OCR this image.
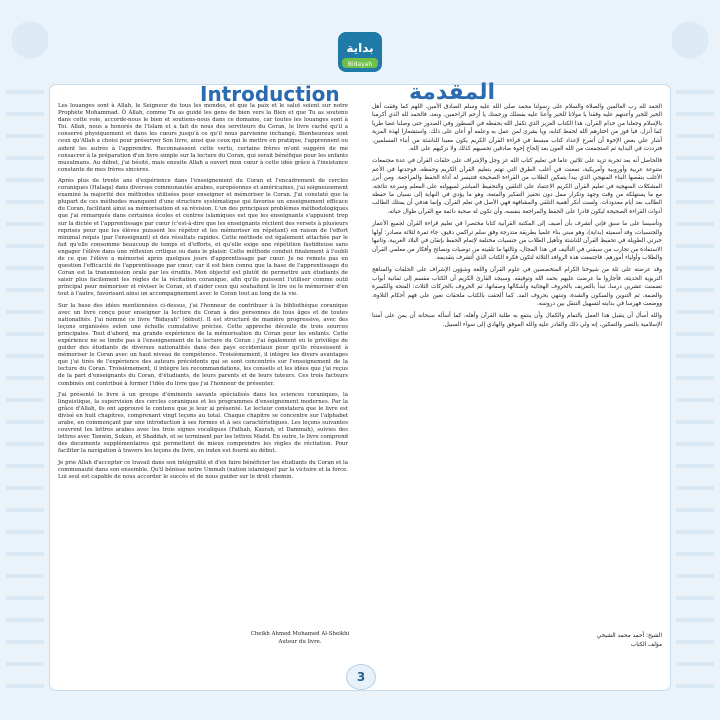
بداية
Bidayah
Introduction	المقدمة

Les louanges sont à Allah, le Seigneur de tous les mondes, et que la paix et le salut soient sur notre Prophète Mohammad. Ô Allah, comme Tu as guidé les gens de bien vers la Bien et que Tu as soutenu dans cette voie, accorde-nous le bien et soutiens-nous dans ce domaine, car toutes les louanges sont à Toi. Allah, nous a honorés de l'Islam et a fait de nous des serviteurs du Coran, le livre caché qu'il a conservé physiquement et dans les cœurs jusqu'à ce qu'il nous parvienne inchangé. Bienheureux sont ceux qu'Allah a choisi pour préserver Son livre, ainsi que ceux qui le mettre en pratique, l'apprennent ou aident les autres à l'apprendre. Reconnaissent cette vertu, certains frères m'ont suggéré de me consacrer à la préparation d'un livre simple sur la lecture du Coran, qui serait bénéfique pour les enfants musulmans. Au début, j'ai hésité, mais ensuite Allah a ouvert mon cœur à cette idée grâce à l'insistance constante de mes frères sincères.

Après plus de trente ans d'expérience dans l'enseignement du Coran et l'encadrement de cercles coraniques (Halaqa) dans diverses communautés arabes, européennes et américaines, j'ai soigneusement examiné la majorité des méthodes utilisées pour enseigner et mémoriser le Coran. J'ai constaté que la plupart de ces méthodes manquent d'une structure systématique qui favorise un enseignement efficace du Coran, facilitant ainsi sa mémorisation et sa révision. L'un des principaux problèmes méthodologiques que j'ai remarqués dans certaines écoles et centres islamiques est que les enseignants s'appuient trop sur la dictée et l'apprentissage par cœur (c'est-à-dire que les enseignants récitent des versets à plusieurs reprises pour que les élèves puissent les répéter et les mémoriser en répétant) en raison de l'effort minimal requis (par l'enseignant) et des résultats rapides. Cette méthode est également attachée par le fait qu'elle consomme beaucoup de temps et d'efforts, et qu'elle exige une répétition fastidieuse sans engager l'élève dans une réflexion critique ou dans le plaisir. Cette méthode conduit finalement à l'oubli de ce que l'élève a mémorisé après quelques jours d'apprentissage par cœur. Je ne remets pas en question l'efficacité de l'apprentissage par cœur, car il est bien connu que la base de l'apprentissage du Coran est la transmission orale par les érudits. Mon objectif est plutôt de permettre aux étudiants de saisir plus facilement les règles de la récitation coranique, afin qu'ils puissent l'utiliser comme outil principal pour mémoriser et réviser le Coran, et d'aider ceux qui souhaitent le lire ou le mémoriser d'en tout à l'autre, favorisant ainsi un accompagnement avec le Coran tout au long de la vie.

Sur la base des idées mentionnées ci-dessus, j'ai l'honneur de contribuer à la bibliothèque coranique avec un livre conçu pour enseigner la lecture du Coran à des personnes de tous âges et de toutes nationalités. J'ai nommé ce livre "Bidayah" (début). Il est structuré de manière progressive, avec des leçons organisées selon une échelle cumulative précise. Cette approche découle de trois sources principales. Tout d'abord, ma grande expérience de la mémorisation du Coran pour les enfants. Cette expérience ne se limite pas à l'enseignement de la lecture du Coran ; j'ai également eu le privilège de guider des étudiants de diverses nationalités dans des pays occidentaux pour qu'ils réussissent à mémoriser le Coran avec un haut niveau de compétence. Troisièmement, il intègre les divers avantages que j'ai tirés de l'expérience des auteurs précédents qui se sont concentrés sur l'enseignement de la lecture du Coran. Troisièmement, il intègre les recommandations, les conseils et les idées que j'ai reçus de la part d'enseignants du Coran, d'étudiants, de leurs parents et de leurs tuteurs. Ces trois facteurs combinés ont contribué à former l'idée du livre que j'ai l'honneur de présenter.

J'ai présenté le livre à un groupe d'éminents savants spécialisés dans les sciences coraniques, la linguistique, la supervision des cercles coraniques et les programmes d'enseignement modernes. Par la grâce d'Allah, ils ont approuvé le contenu que je leur ai présenté. Le lecteur constatera que le livre est divisé en huit chapitres, comprenant vingt leçons au total. Chaque chapitre se concentre sur l'alphabet arabe, en commençant par une introduction à ses formes et à ses caractéristiques. Les leçons suivantes couvrent les lettres arabes avec les trois signes vocaliques (Fathah, Kasrah, et Dammah), suivies des lettres avec Tanwin, Sukun, et Shaddah, et se terminent par les lettres Madd. En outre, le livre comprend des documents supplémentaires qui permettent de mieux comprendre les règles de récitation. Pour faciliter la navigation à travers les leçons du livre, un index est fourni au début.

Je prie Allah d'accepter ce travail dans son intégralité et d'en faire bénéficier les étudiants du Coran et la communauté dans son ensemble. Qu'il bénisse notre Ummah (nation islamique) par la victoire et la force. Lui seul est capable de nous accorder le succès et de nous guider sur le droit chemin.

Cheikh Ahmed Mohamed Al-Sheikhi
Auteur du livre.

الحمد لله رب العالمين والصلاة والسلام على رسولنا محمد صلى الله عليه وسلم الصادق الأمين. اللهم كما وفقت أهل الخير للخير وأعنتهم عليه وفقنا يا مولانا للخير وأعنا عليه بفضلك ورحمتك يا أرحم الراحمين. وبعد، فالحمد لله الذي أكرمنا بالإسلام وجعلنا من خدام القرآن، هذا الكتاب العزيز الذي تكفل الله بحفظه في السطور وفي الصدور حتى وصلنا غضا طريا كما أنزل. فيا فوز من اختارهم الله لحفظ كتابه، ويا بشرى لمن عمل به وعلمه أو أعان على ذلك. واستشعارا لهذه المزية أشار علي بعض الإخوة أن أتفرغ لإعداد كتاب مبسط في قراءة القرآن الكريم يكون معينا للناشئة من أبناء المسلمين. فترددت في البداية ثم استجمعت من الله العون بعد إلحاح إخوة صادقين تحسيهم كذلك ولا نزكيهم على الله.

فالحاصل أنه بعد تجربة تزيد على ثلاثين عاما في تعليم كتاب الله عز وجل والإشراف على حلقات القرآن في عدة مجتمعات متنوعة عربية وأوروبية وأمريكية، تمعنت في أغلب الطرق التي تهتم بتعليم القرآن الكريم وحفظه، فوجدتها في الأعم الأغلب ينقصها البناء المنهجي الذي يبدأ بتمكين الطلاب من القراءة الصحيحة فتتيسر له أداة الحفظ والمراجعة. ومن أبرز المشكلات المنهجية في تعليم القرآن الكريم الاعتماد على التلقين والتحفيظ المباشر لسهولته على المعلم وسرعة نتائجه، مع ما يستهلكه من وقت وجهد وتكرار ممل دون تحفيز التفكير والمتعة، وهو ما يؤدي في النهاية إلى نسيان ما حفظه الطالب بعد أيام معدودات. ولست أنكر أهمية التلقي والمشافهة فهي الأصل في تعلم القرآن، وإنما هدفي أن يمتلك الطالب أدوات القراءة الصحيحة ليكون قادرا على الحفظ والمراجعة بنفسه، وأن تكون له صحبة دائمة مع القرآن طوال حياته.

وتأسيسا على ما سبق فإني أتشرف بأن أضيف إلى المكتبة القرآنية كتابا مختصرا في تعليم قراءة القرآن لجميع الأعمار والجنسيات، وقد أسميته (بداية)، وهو مبني بناء علميا بطريقة متدرجة وفق سلم تراكمي دقيق، جاء ثمرة لثلاثة مصادر: أولها خبرتي الطويلة في تحفيظ القرآن للناشئة وتأهيل الطلاب من جنسيات مختلفة لإتمام الحفظ بإتقان في البلاد الغربية، وثانيها الاستفادة من تجارب من سبقني في التأليف في هذا المجال، وثالثها ما تلقيته من توصيات ونصائح وأفكار من معلمي القرآن والطلاب وأولياء أمورهم. فاجتمعت هذه الروافد الثلاثة لتكون فكرة الكتاب الذي أتشرف بتقديمه.

وقد عرضته على ثلة من شيوخنا الكرام المتخصصين في علوم القرآن واللغة وشؤون الإشراف على الحلقات والمناهج التربوية الحديثة، فأجازوا ما عرضت عليهم بحمد الله وتوفيقه. وسيجد القارئ الكريم أن الكتاب مقسم إلى ثمانية أبواب تضمنت عشرين درسا، تبدأ بالتعريف بالحروف الهجائية وأشكالها وصفاتها، ثم الحروف بالحركات الثلاث: الفتحة والكسرة والضمة، ثم التنوين والسكون والشدة، وتنتهي بحروف المد. كما ألحقت بالكتاب ملحقات تعين على فهم أحكام التلاوة، ووضعت فهرسا في بدايته لتسهيل التنقل بين دروسه.

والله أسأل أن يتقبل هذا العمل بالتمام والكمال وأن ينتفع به طلبة القرآن وأهله، كما أسأله سبحانه أن يمن على أمتنا الإسلامية بالنصر والتمكين، إنه ولي ذلك والقادر عليه والله الموفق والهادي إلى سواء السبيل.

الشيخ: أحمد محمد الشيخي
مؤلف الكتاب
3
